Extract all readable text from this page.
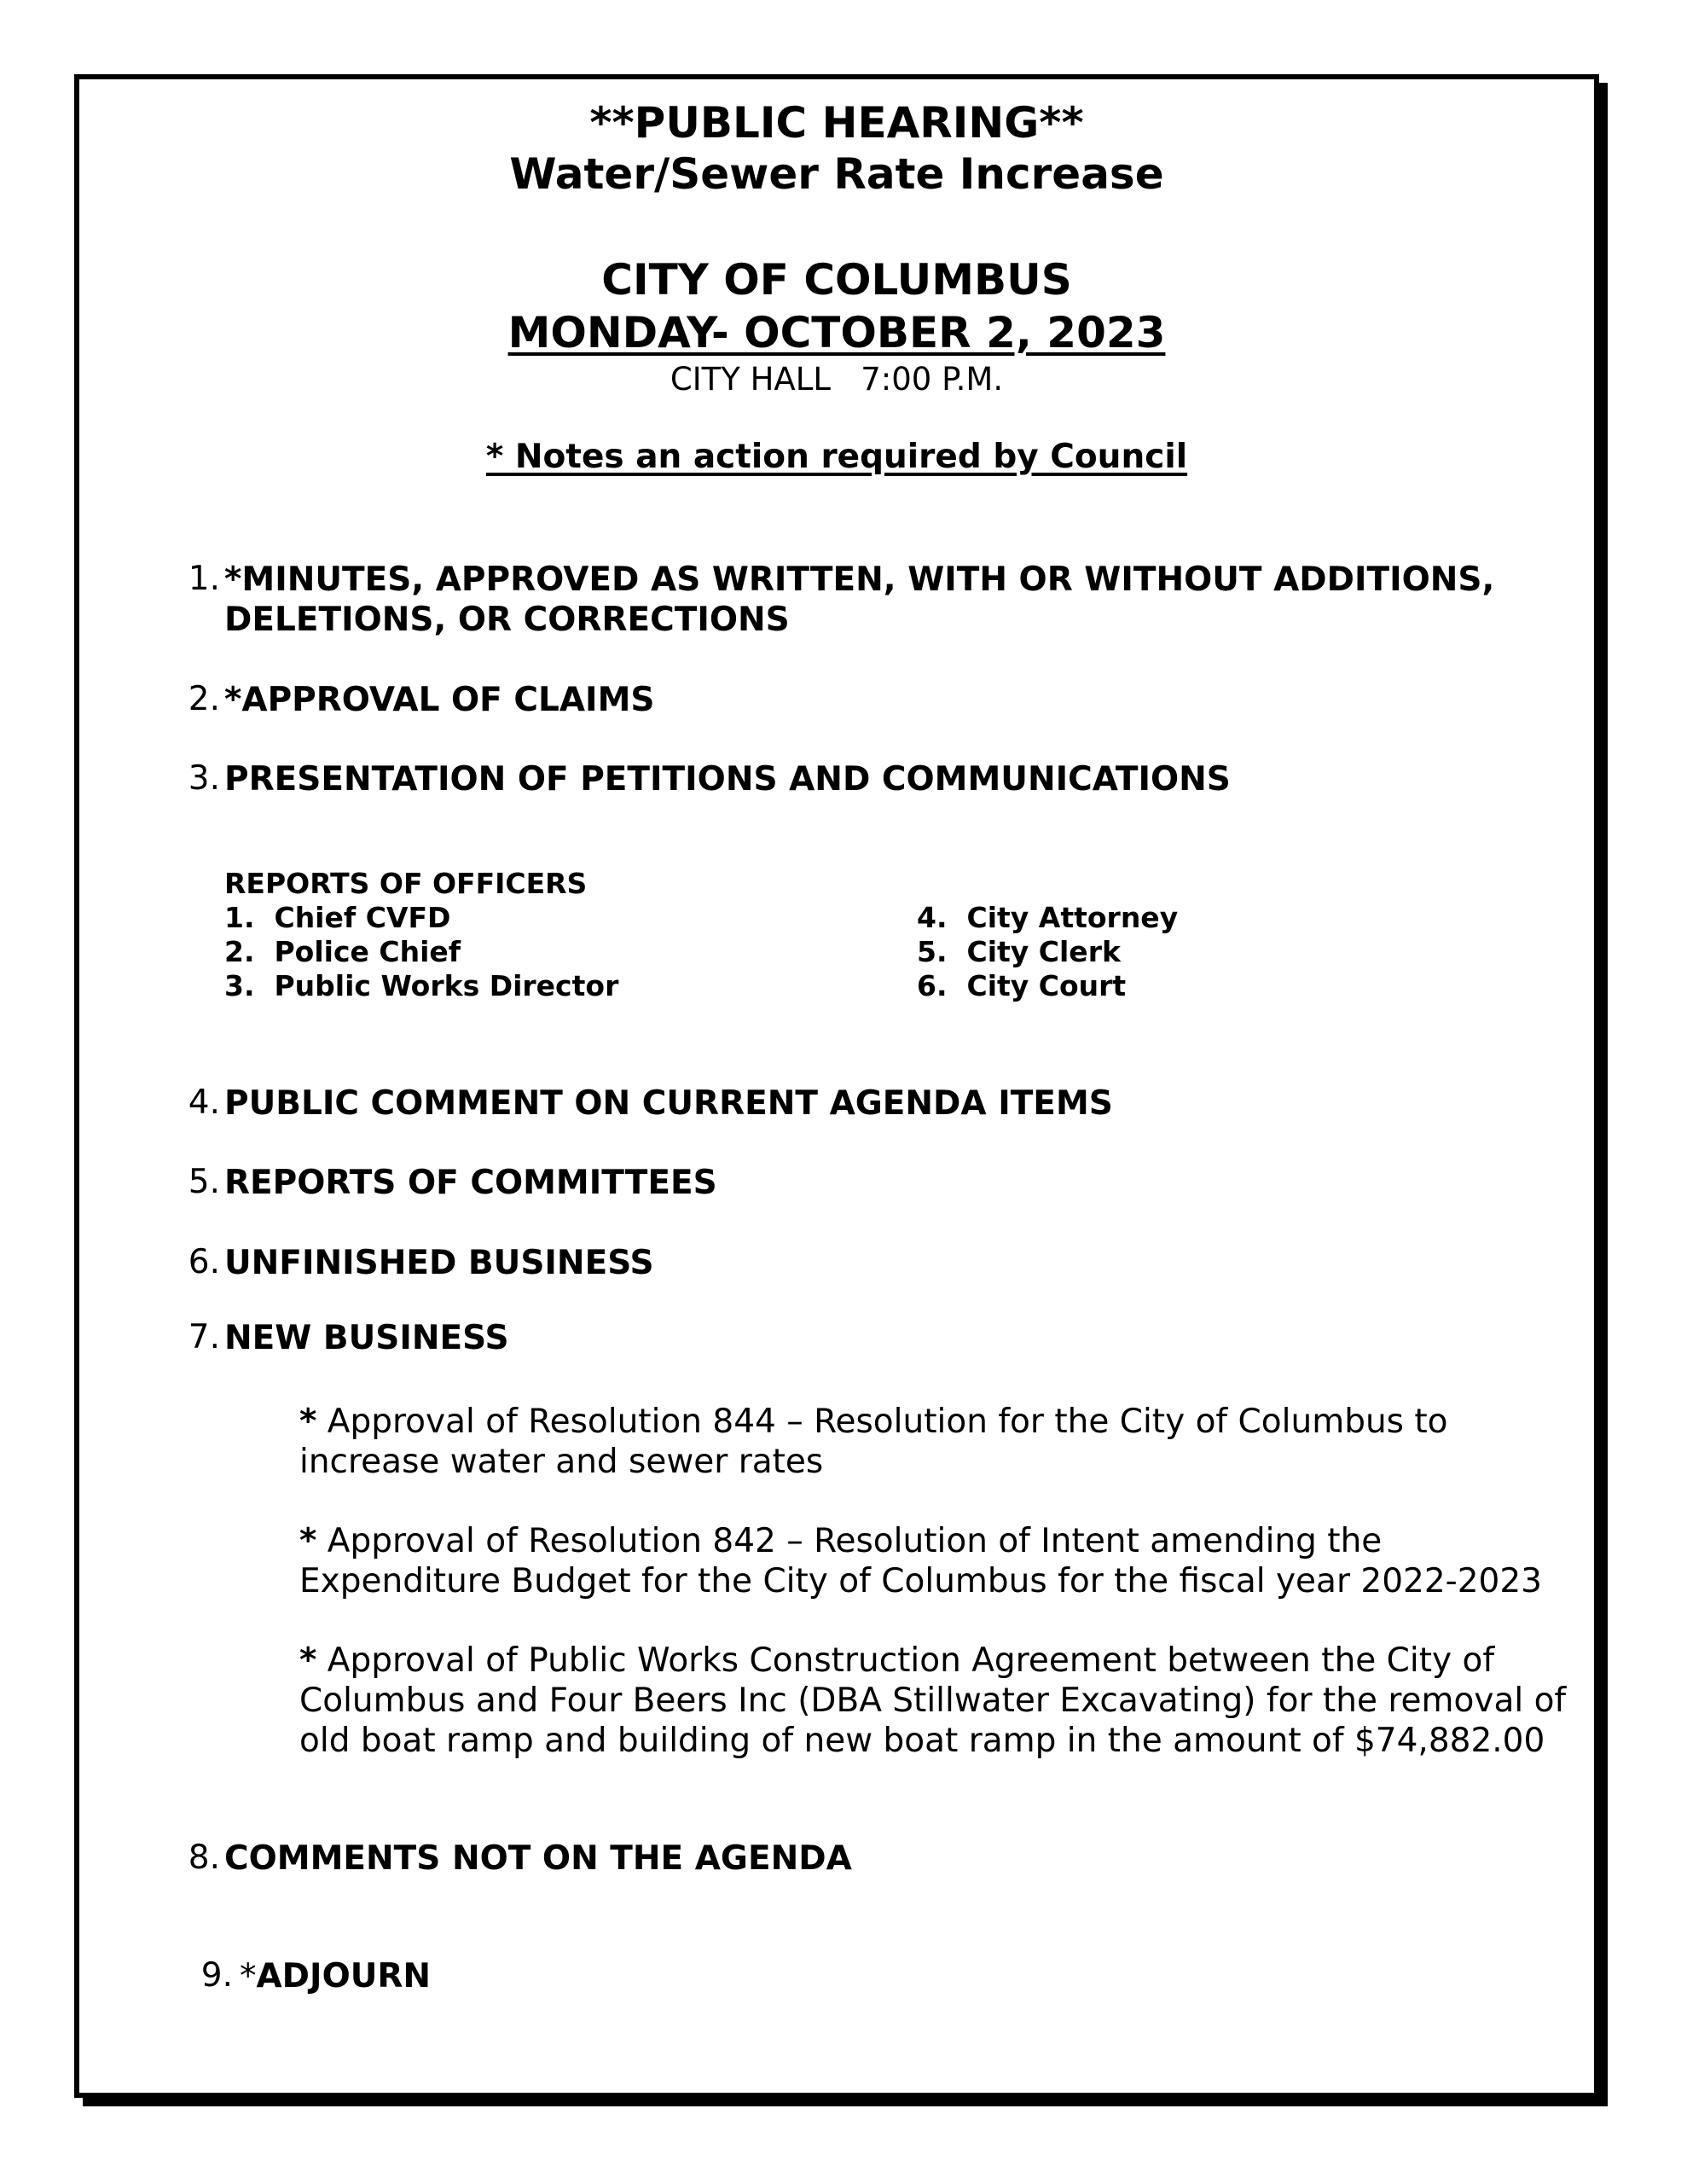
**PUBLIC HEARING**
Water/Sewer Rate Increase
CITY OF COLUMBUS
MONDAY- OCTOBER 2, 2023
CITY HALL   7:00 P.M.
* Notes an action required by Council
1. *MINUTES, APPROVED AS WRITTEN, WITH OR WITHOUT ADDITIONS, DELETIONS, OR CORRECTIONS
2. *APPROVAL OF CLAIMS
3. PRESENTATION OF PETITIONS AND COMMUNICATIONS
REPORTS OF OFFICERS
1.  Chief CVFD
2.  Police Chief
3.  Public Works Director
4.  City Attorney
5.  City Clerk
6.  City Court
4. PUBLIC COMMENT ON CURRENT AGENDA ITEMS
5. REPORTS OF COMMITTEES
6. UNFINISHED BUSINESS
7. NEW BUSINESS
* Approval of Resolution 844 – Resolution for the City of Columbus to increase water and sewer rates
* Approval of Resolution 842 – Resolution of Intent amending the Expenditure Budget for the City of Columbus for the fiscal year 2022-2023
* Approval of Public Works Construction Agreement between the City of Columbus and Four Beers Inc (DBA Stillwater Excavating) for the removal of old boat ramp and building of new boat ramp in the amount of $74,882.00
8. COMMENTS NOT ON THE AGENDA
9. *ADJOURN
